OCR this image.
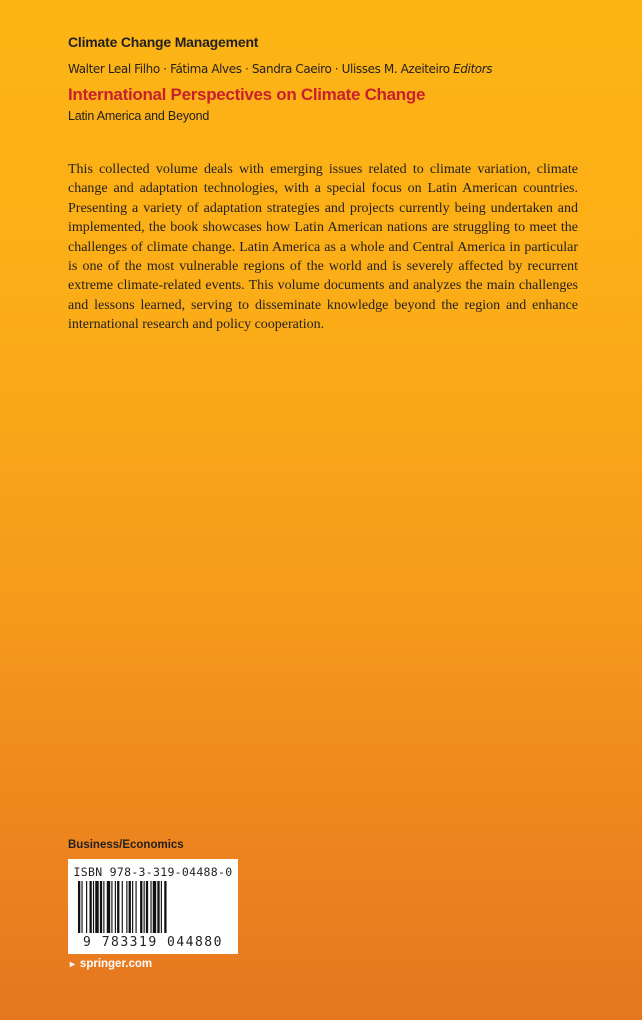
Climate Change Management
Walter Leal Filho · Fátima Alves · Sandra Caeiro · Ulisses M. Azeiteiro Editors
International Perspectives on Climate Change
Latin America and Beyond
This collected volume deals with emerging issues related to climate variation, climate change and adaptation technologies, with a special focus on Latin American countries. Presenting a variety of adaptation strategies and projects currently being undertaken and implemented, the book showcases how Latin American nations are struggling to meet the challenges of climate change. Latin America as a whole and Central America in particular is one of the most vulnerable regions of the world and is severely affected by recurrent extreme climate-related events. This volume documents and analyzes the main challenges and lessons learned, serving to disseminate knowledge beyond the region and enhance international research and policy cooperation.
Business/Economics
ISBN 978-3-319-04488-0
9 783319 044880
► springer.com
